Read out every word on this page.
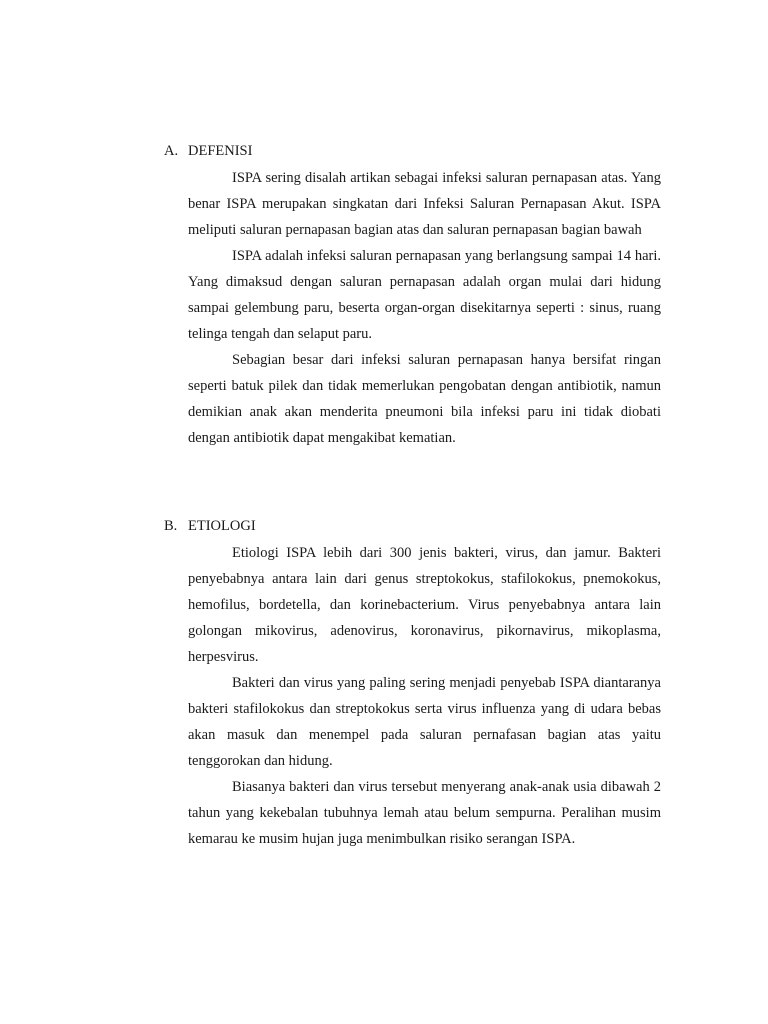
A. DEFENISI

ISPA sering disalah artikan sebagai infeksi saluran pernapasan atas. Yang benar ISPA merupakan singkatan dari Infeksi Saluran Pernapasan Akut. ISPA meliputi saluran pernapasan bagian atas dan saluran pernapasan bagian bawah

ISPA adalah infeksi saluran pernapasan yang berlangsung sampai 14 hari. Yang dimaksud dengan saluran pernapasan adalah organ mulai dari hidung sampai gelembung paru, beserta organ-organ disekitarnya seperti : sinus, ruang telinga tengah dan selaput paru.

Sebagian besar dari infeksi saluran pernapasan hanya bersifat ringan seperti batuk pilek dan tidak memerlukan pengobatan dengan antibiotik, namun demikian anak akan menderita pneumoni bila infeksi paru ini tidak diobati dengan antibiotik dapat mengakibat kematian.

B. ETIOLOGI

Etiologi ISPA lebih dari 300 jenis bakteri, virus, dan jamur. Bakteri penyebabnya antara lain dari genus streptokokus, stafilokokus, pnemokokus, hemofilus, bordetella, dan korinebacterium. Virus penyebabnya antara lain golongan mikovirus, adenovirus, koronavirus, pikornavirus, mikoplasma, herpesvirus.

Bakteri dan virus yang paling sering menjadi penyebab ISPA diantaranya bakteri stafilokokus dan streptokokus serta virus influenza yang di udara bebas akan masuk dan menempel pada saluran pernafasan bagian atas yaitu tenggorokan dan hidung.

Biasanya bakteri dan virus tersebut menyerang anak-anak usia dibawah 2 tahun yang kekebalan tubuhnya lemah atau belum sempurna. Peralihan musim kemarau ke musim hujan juga menimbulkan risiko serangan ISPA.
